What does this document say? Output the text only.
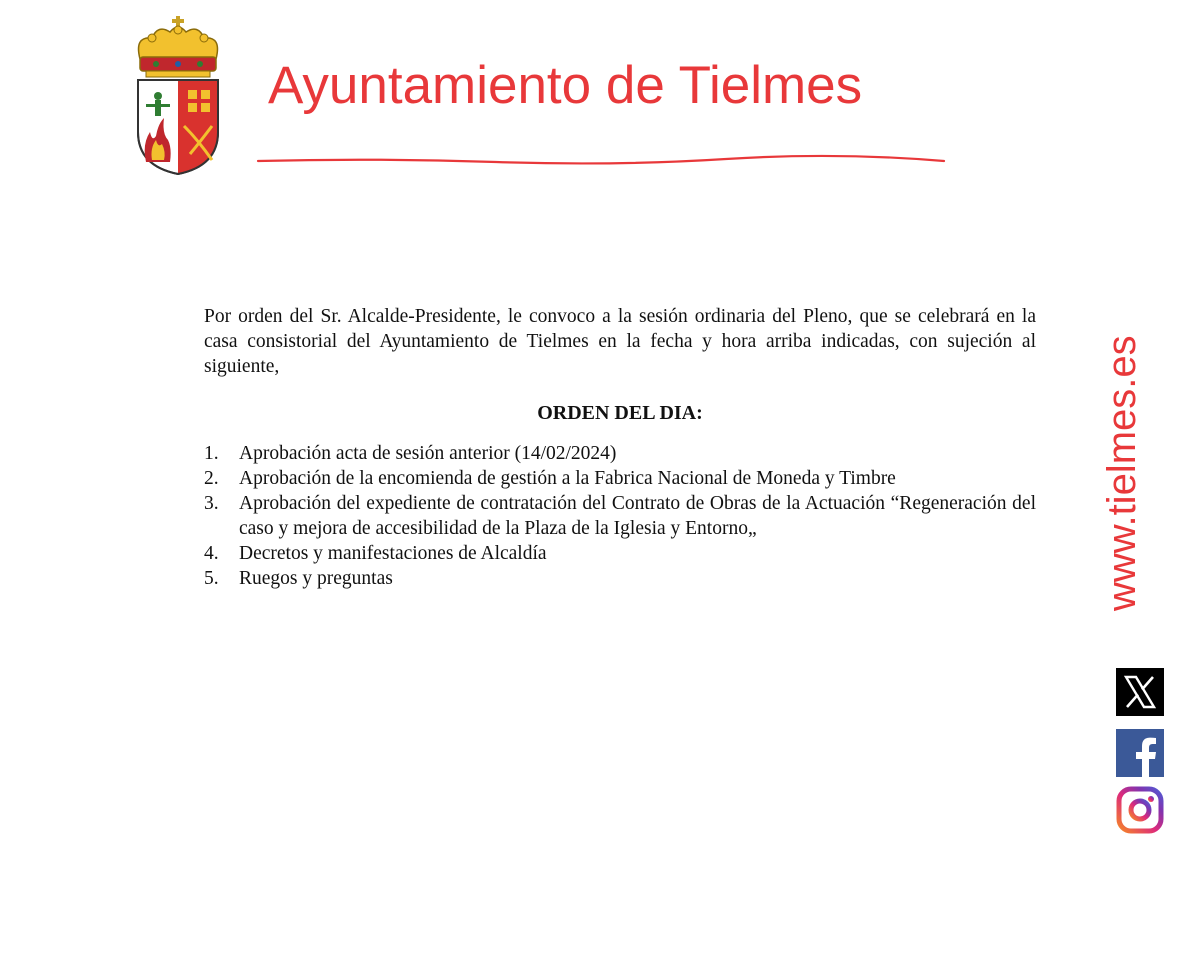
Ayuntamiento de Tielmes

Por orden del Sr. Alcalde-Presidente, le convoco a la sesión ordinaria del Pleno, que se celebrará en la casa consistorial del Ayuntamiento de Tielmes en la fecha y hora arriba indicadas, con sujeción al siguiente,

ORDEN DEL DIA:
1. Aprobación acta de sesión anterior (14/02/2024)
2. Aprobación de la encomienda de gestión a la Fabrica Nacional de Moneda y Timbre
3. Aprobación del expediente de contratación del Contrato de Obras de la Actuación “Regeneración del caso y mejora de accesibilidad de la Plaza de la Iglesia y Entorno„
4. Decretos y manifestaciones de Alcaldía
5. Ruegos y preguntas	www.tielmes.es
